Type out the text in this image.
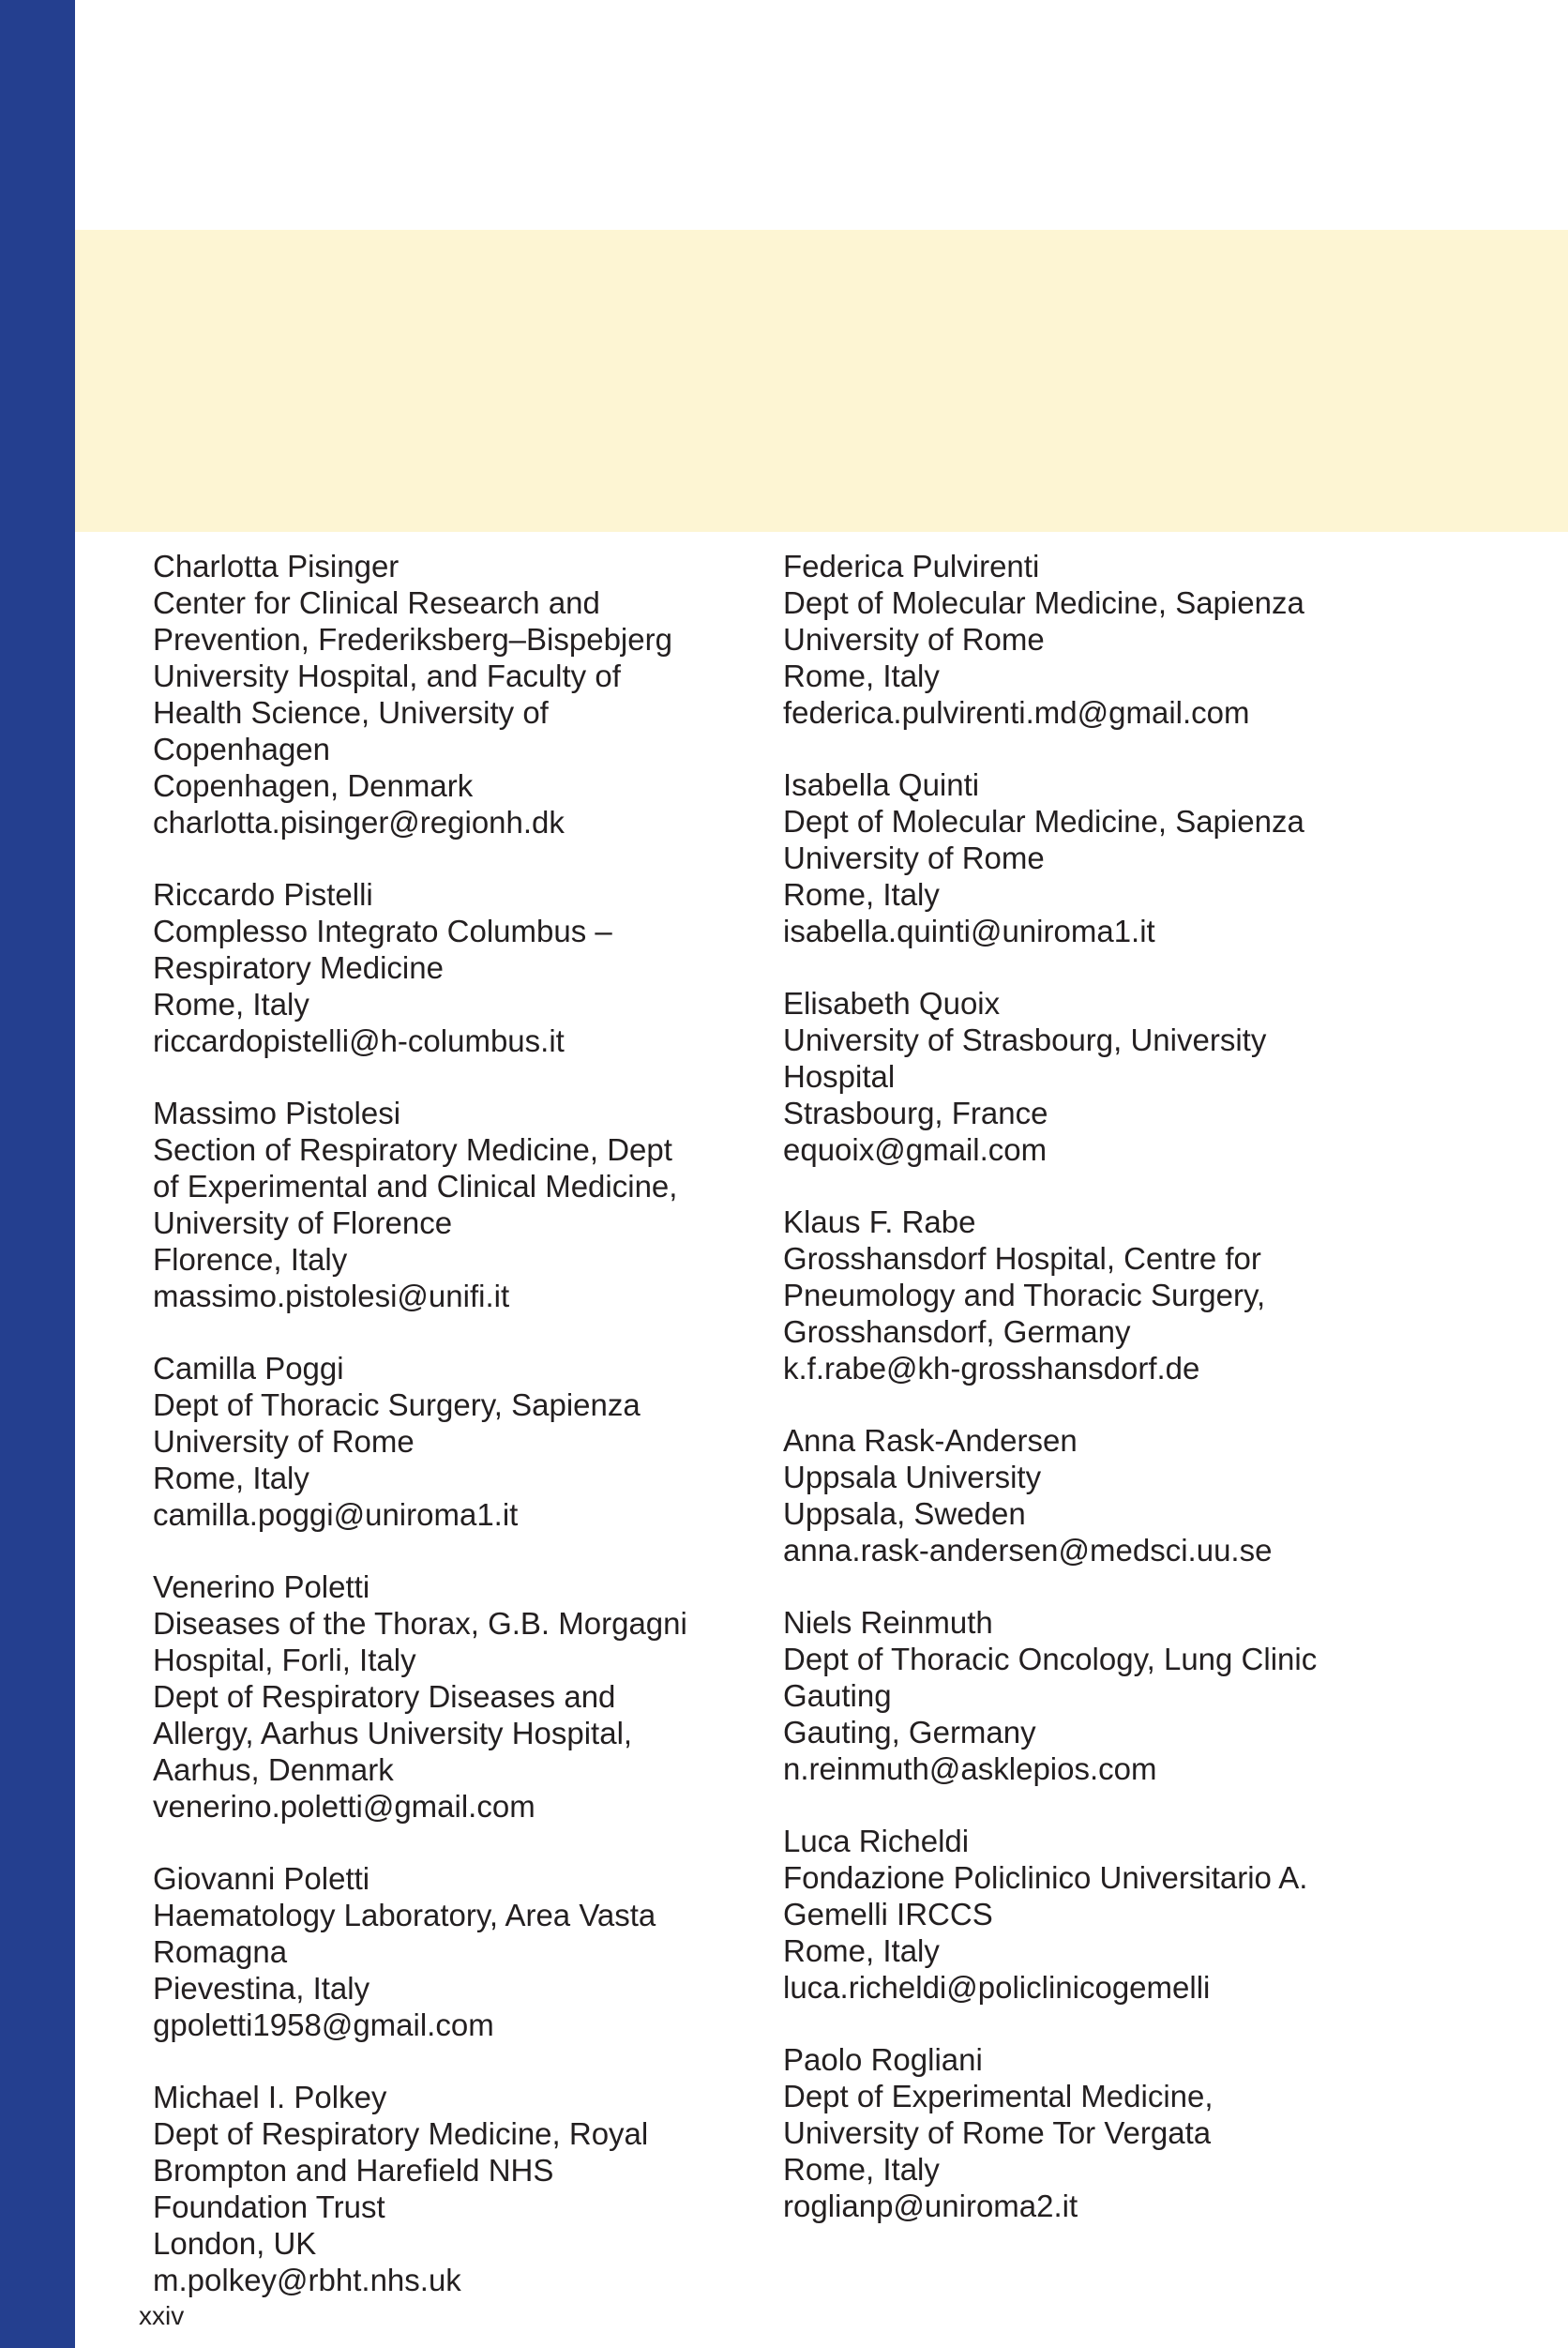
Charlotta Pisinger
Center for Clinical Research and
Prevention, Frederiksberg–Bispebjerg
University Hospital, and Faculty of
Health Science, University of
Copenhagen
Copenhagen, Denmark
charlotta.pisinger@regionh.dk
Riccardo Pistelli
Complesso Integrato Columbus –
Respiratory Medicine
Rome, Italy
riccardopistelli@h-columbus.it
Massimo Pistolesi
Section of Respiratory Medicine, Dept
of Experimental and Clinical Medicine,
University of Florence
Florence, Italy
massimo.pistolesi@unifi.it
Camilla Poggi
Dept of Thoracic Surgery, Sapienza
University of Rome
Rome, Italy
camilla.poggi@uniroma1.it
Venerino Poletti
Diseases of the Thorax, G.B. Morgagni
Hospital, Forli, Italy
Dept of Respiratory Diseases and
Allergy, Aarhus University Hospital,
Aarhus, Denmark
venerino.poletti@gmail.com
Giovanni Poletti
Haematology Laboratory, Area Vasta
Romagna
Pievestina, Italy
gpoletti1958@gmail.com
Michael I. Polkey
Dept of Respiratory Medicine, Royal
Brompton and Harefield NHS
Foundation Trust
London, UK
m.polkey@rbht.nhs.uk
Federica Pulvirenti
Dept of Molecular Medicine, Sapienza
University of Rome
Rome, Italy
federica.pulvirenti.md@gmail.com
Isabella Quinti
Dept of Molecular Medicine, Sapienza
University of Rome
Rome, Italy
isabella.quinti@uniroma1.it
Elisabeth Quoix
University of Strasbourg, University
Hospital
Strasbourg, France
equoix@gmail.com
Klaus F. Rabe
Grosshansdorf Hospital, Centre for
Pneumology and Thoracic Surgery,
Grosshansdorf, Germany
k.f.rabe@kh-grosshansdorf.de
Anna Rask-Andersen
Uppsala University
Uppsala, Sweden
anna.rask-andersen@medsci.uu.se
Niels Reinmuth
Dept of Thoracic Oncology, Lung Clinic
Gauting
Gauting, Germany
n.reinmuth@asklepios.com
Luca Richeldi
Fondazione Policlinico Universitario A.
Gemelli IRCCS
Rome, Italy
luca.richeldi@policlinicogemelli
Paolo Rogliani
Dept of Experimental Medicine,
University of Rome Tor Vergata
Rome, Italy
roglianp@uniroma2.it
xxiv
